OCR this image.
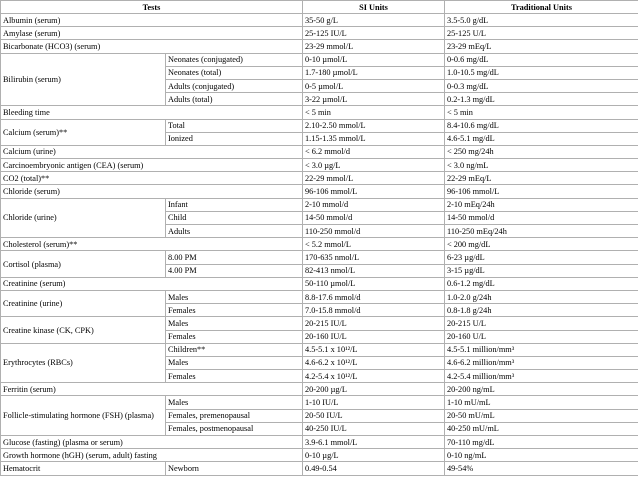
Tests		SI Units	Traditional Units
Albumin (serum)		35-50 g/L	3.5-5.0 g/dL
Amylase (serum)		25-125 IU/L	25-125 U/L
Bicarbonate (HCO3) (serum)		23-29 mmol/L	23-29 mEq/L
Bilirubin (serum)	Neonates (conjugated)	0-10 µmol/L	0-0.6 mg/dL
	Neonates (total)	1.7-180 µmol/L	1.0-10.5 mg/dL
	Adults (conjugated)	0-5 µmol/L	0-0.3 mg/dL
	Adults (total)	3-22 µmol/L	0.2-1.3 mg/dL
Bleeding time		< 5 min	< 5 min
Calcium (serum)**	Total	2.10-2.50 mmol/L	8.4-10.6 mg/dL
	Ionized	1.15-1.35 mmol/L	4.6-5.1 mg/dL
Calcium (urine)		< 6.2 mmol/d	< 250 mg/24h
Carcinoembryonic antigen (CEA) (serum)		< 3.0 µg/L	< 3.0 ng/mL
CO2 (total)**		22-29 mmol/L	22-29 mEq/L
Chloride (serum)		96-106 mmol/L	96-106 mmol/L
Chloride (urine)	Infant	2-10 mmol/d	2-10 mEq/24h
	Child	14-50 mmol/d	14-50 mmol/d
	Adults	110-250 mmol/d	110-250 mEq/24h
Cholesterol (serum)**		< 5.2 mmol/L	< 200 mg/dL
Cortisol (plasma)	8.00 PM	170-635 nmol/L	6-23 µg/dL
	4.00 PM	82-413 nmol/L	3-15 µg/dL
Creatinine (serum)		50-110 µmol/L	0.6-1.2 mg/dL
Creatinine (urine)	Males	8.8-17.6 mmol/d	1.0-2.0 g/24h
	Females	7.0-15.8 mmol/d	0.8-1.8 g/24h
Creatine kinase (CK, CPK)	Males	20-215 IU/L	20-215 U/L
	Females	20-160 IU/L	20-160 U/L
Erythrocytes (RBCs)	Children**	4.5-5.1 x 10¹²/L	4.5-5.1 million/mm³
	Males	4.6-6.2 x 10¹²/L	4.6-6.2 million/mm³
	Females	4.2-5.4 x 10¹²/L	4.2-5.4 million/mm³
Ferritin (serum)		20-200 µg/L	20-200 ng/mL
Follicle-stimulating hormone (FSH) (plasma)	Males	1-10 IU/L	1-10 mU/mL
	Females, premenopausal	20-50 IU/L	20-50 mU/mL
	Females, postmenopausal	40-250 IU/L	40-250 mU/mL
Glucose (fasting) (plasma or serum)		3.9-6.1 mmol/L	70-110 mg/dL
Growth hormone (hGH) (serum, adult) fasting		0-10 µg/L	0-10 ng/mL
Hematocrit	Newborn	0.49-0.54	49-54%
